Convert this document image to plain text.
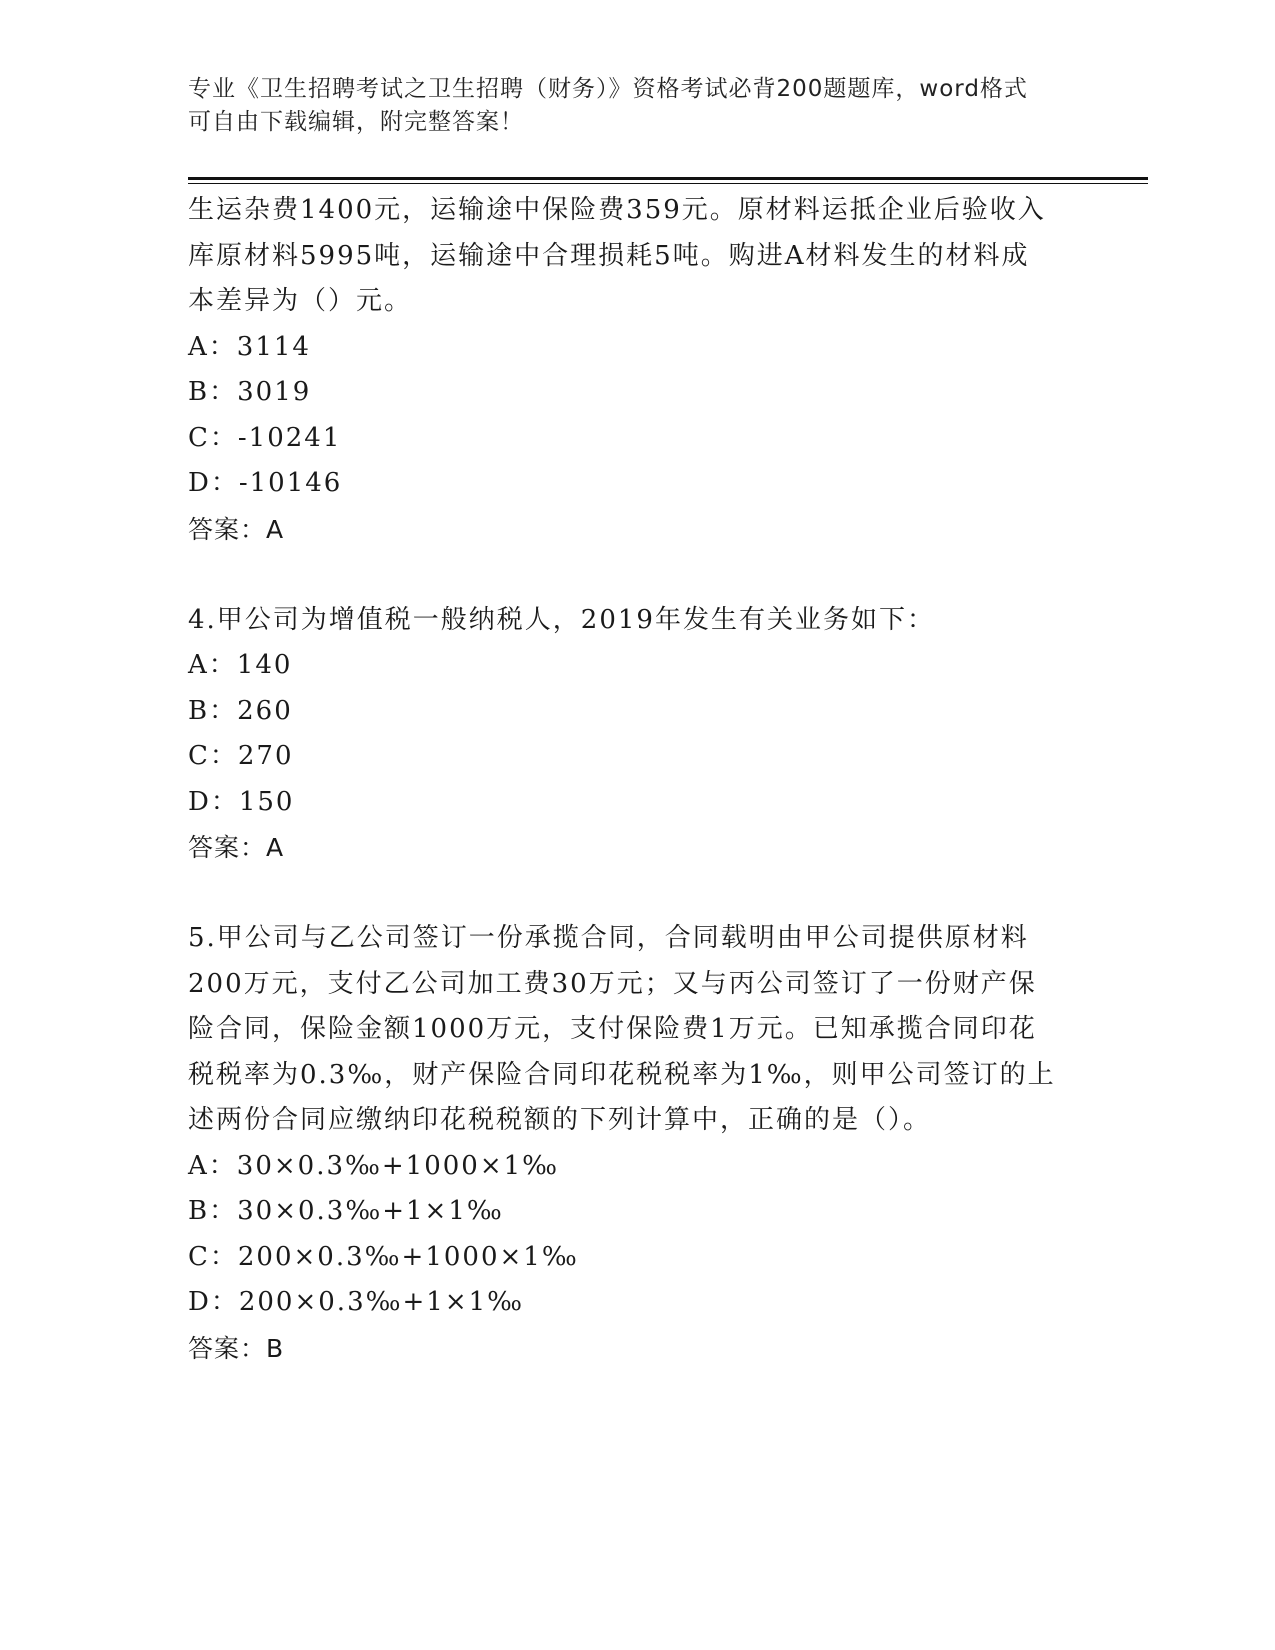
专业《卫生招聘考试之卫生招聘（财务）》资格考试必背200题题库，word格式
可自由下载编辑，附完整答案！
生运杂费1400元，运输途中保险费359元。原材料运抵企业后验收入
库原材料5995吨，运输途中合理损耗5吨。购进A材料发生的材料成
本差异为（）元。
A：3114
B：3019
C：-10241
D：-10146
答案：A
4.甲公司为增值税一般纳税人，2019年发生有关业务如下：
A：140
B：260
C：270
D：150
答案：A
5.甲公司与乙公司签订一份承揽合同，合同载明由甲公司提供原材料
200万元，支付乙公司加工费30万元；又与丙公司签订了一份财产保
险合同，保险金额1000万元，支付保险费1万元。已知承揽合同印花
税税率为0.3‰，财产保险合同印花税税率为1‰，则甲公司签订的上
述两份合同应缴纳印花税税额的下列计算中，正确的是（）。
A：30×0.3‰+1000×1‰
B：30×0.3‰+1×1‰
C：200×0.3‰+1000×1‰
D：200×0.3‰+1×1‰
答案：B
